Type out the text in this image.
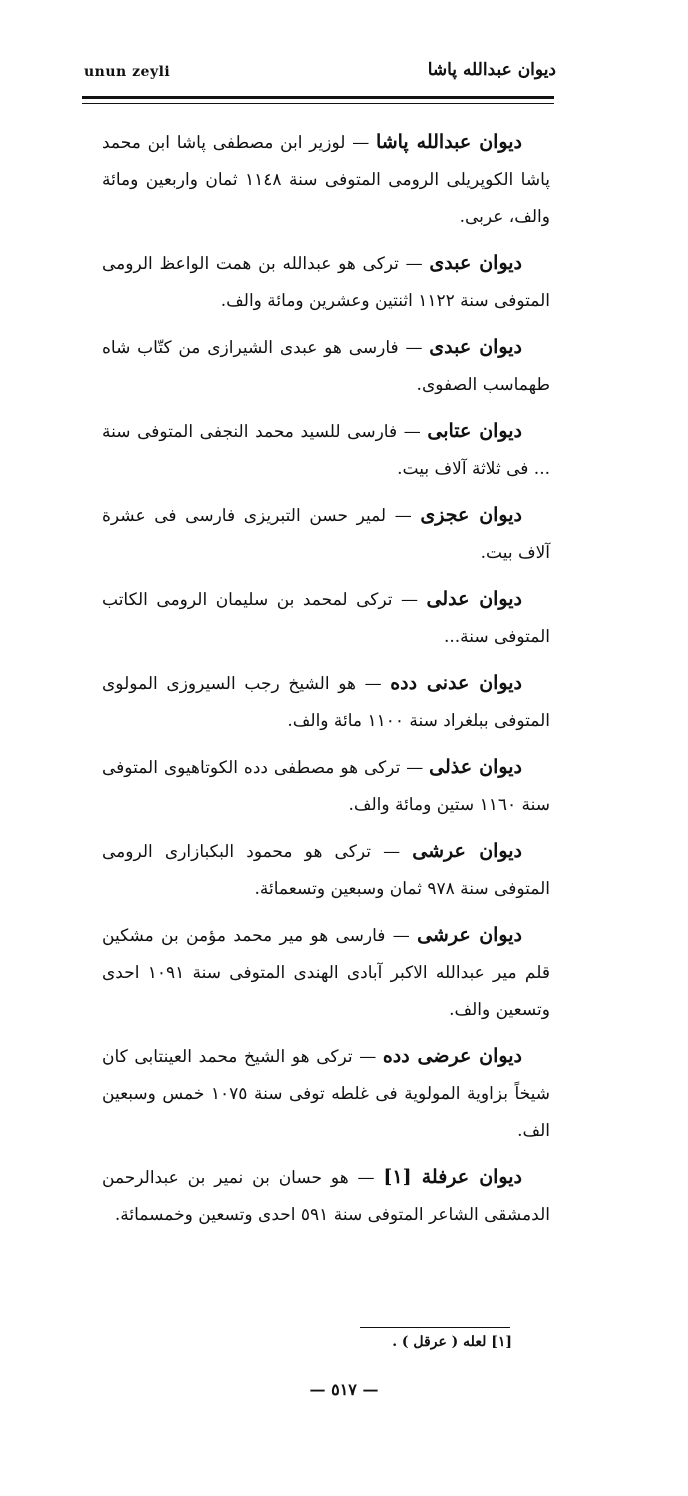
unun zeyli	ديوان عبدالله پاشا

ديوان عبدالله پاشا — لوزير ابن مصطفى پاشا ابن محمد پاشا الكوپريلى الرومى المتوفى سنة ١١٤٨ ثمان واربعين ومائة والف، عربى.

ديوان عبدى — تركى هو عبدالله بن همت الواعظ الرومى المتوفى سنة ١١٢٢ اثنتين وعشرين ومائة والف.

ديوان عبدى — فارسى هو عبدى الشيرازى من كتّاب شاه طهماسب الصفوى.

ديوان عتابى — فارسى للسيد محمد النجفى المتوفى سنة ... فى ثلاثة آلاف بيت.

ديوان عجزى — لمير حسن التبريزى فارسى فى عشرة آلاف بيت.

ديوان عدلى — تركى لمحمد بن سليمان الرومى الكاتب المتوفى سنة...

ديوان عدنى دده — هو الشيخ رجب السيروزى المولوى المتوفى ببلغراد سنة ١١٠٠ مائة والف.

ديوان عذلى — تركى هو مصطفى دده الكوتاهيوى المتوفى سنة ١١٦٠ ستين ومائة والف.

ديوان عرشى — تركى هو محمود البكبازارى الرومى المتوفى سنة ٩٧٨ ثمان وسبعين وتسعمائة.

ديوان عرشى — فارسى هو مير محمد مؤمن بن مشكين قلم مير عبدالله الاكبر آبادى الهندى المتوفى سنة ١٠٩١ احدى وتسعين والف.

ديوان عرضى دده — تركى هو الشيخ محمد العينتابى كان شيخاً بزاوية المولوية فى غلطه توفى سنة ١٠٧٥ خمس وسبعين الف.

ديوان عرفلة [١] — هو حسان بن نمير بن عبدالرحمن الدمشقى الشاعر المتوفى سنة ٥٩١ احدى وتسعين وخمسمائة.

[١] لعله ( عرقل ) .
— ٥١٧ —
